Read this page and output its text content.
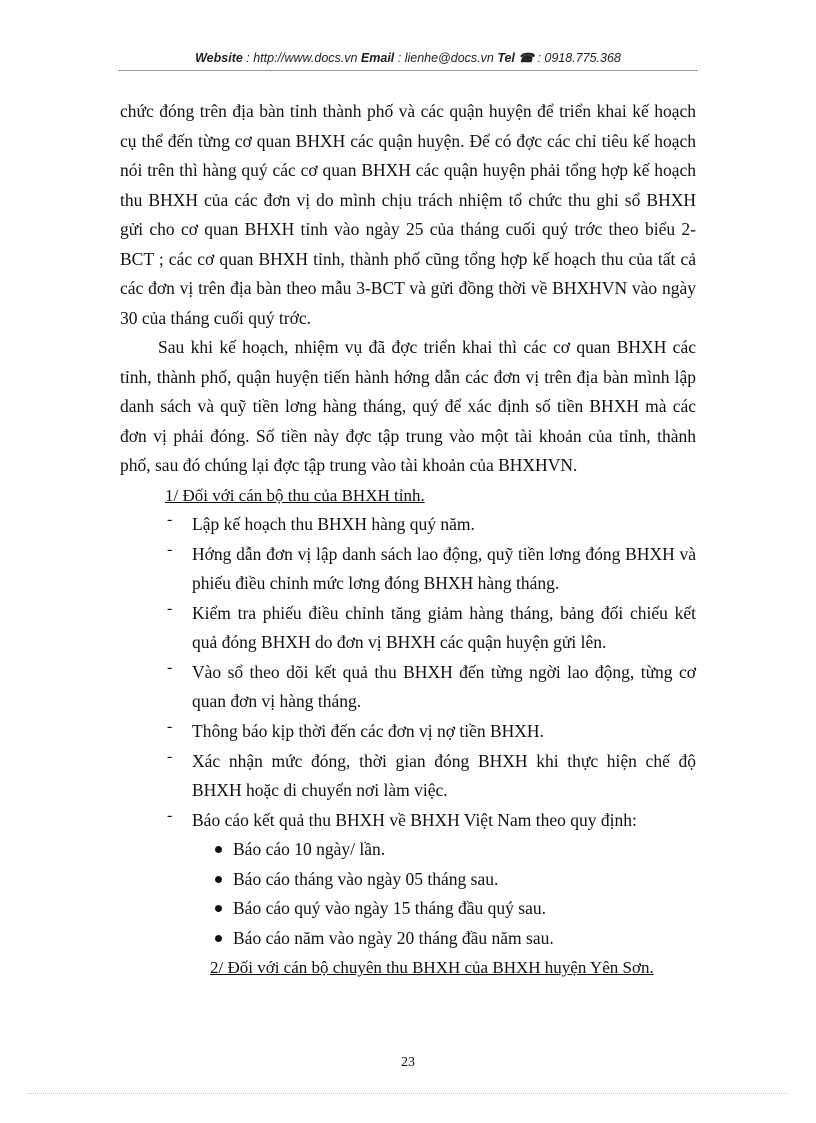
Website : http://www.docs.vn Email : lienhe@docs.vn Tel ☎ : 0918.775.368

chức đóng trên địa bàn tỉnh thành phố và các quận huyện để triển khai kế hoạch cụ thể đến từng cơ quan BHXH các quận huyện. Để có đợc các chỉ tiêu kế hoạch nói trên thì hàng quý các cơ quan BHXH các quận huyện phải tổng hợp kế hoạch thu BHXH của các đơn vị do mình chịu trách nhiệm tổ chức thu ghi sổ BHXH gửi cho cơ quan BHXH tỉnh vào ngày 25 của tháng cuối quý trớc theo biểu 2- BCT ; các cơ quan BHXH tỉnh, thành phố cũng tổng hợp kế hoạch thu của tất cả các đơn vị trên địa bàn theo mẫu 3-BCT và gửi đồng thời về BHXHVN vào ngày 30 của tháng cuối quý trớc.

Sau khi kế hoạch, nhiệm vụ đã đợc triển khai thì các cơ quan BHXH các tỉnh, thành phố, quận huyện tiến hành hớng dẫn các đơn vị trên địa bàn mình lập danh sách và quỹ tiền lơng hàng tháng, quý để xác định số tiền BHXH mà các đơn vị phải đóng. Số tiền này đợc tập trung vào một tài khoản của tỉnh, thành phố, sau đó chúng lại đợc tập trung vào tài khoản của BHXHVN.

1/ Đối với cán bộ thu của BHXH tỉnh.

- Lập kế hoạch thu BHXH hàng quý năm.
- Hớng dẫn đơn vị lập danh sách lao động, quỹ tiền lơng đóng BHXH và phiếu điều chỉnh mức lơng đóng BHXH hàng tháng.
- Kiểm tra phiếu điều chỉnh tăng giảm hàng tháng, bảng đối chiếu kết quả đóng BHXH do đơn vị BHXH các quận huyện gửi lên.
- Vào sổ theo dõi kết quả thu BHXH đến từng ngời lao động, từng cơ quan đơn vị hàng tháng.
- Thông báo kịp thời đến các đơn vị nợ tiền BHXH.
- Xác nhận mức đóng, thời gian đóng BHXH khi thực hiện chế độ BHXH hoặc di chuyển nơi làm việc.
- Báo cáo kết quả thu BHXH về BHXH Việt Nam theo quy định:
Báo cáo 10 ngày/ lần.
Báo cáo tháng vào ngày 05 tháng sau.
Báo cáo quý vào ngày 15 tháng đầu quý sau.
Báo cáo năm vào ngày 20 tháng đầu năm sau.

2/ Đối với cán bộ chuyên thu BHXH của BHXH huyện Yên Sơn.

23
